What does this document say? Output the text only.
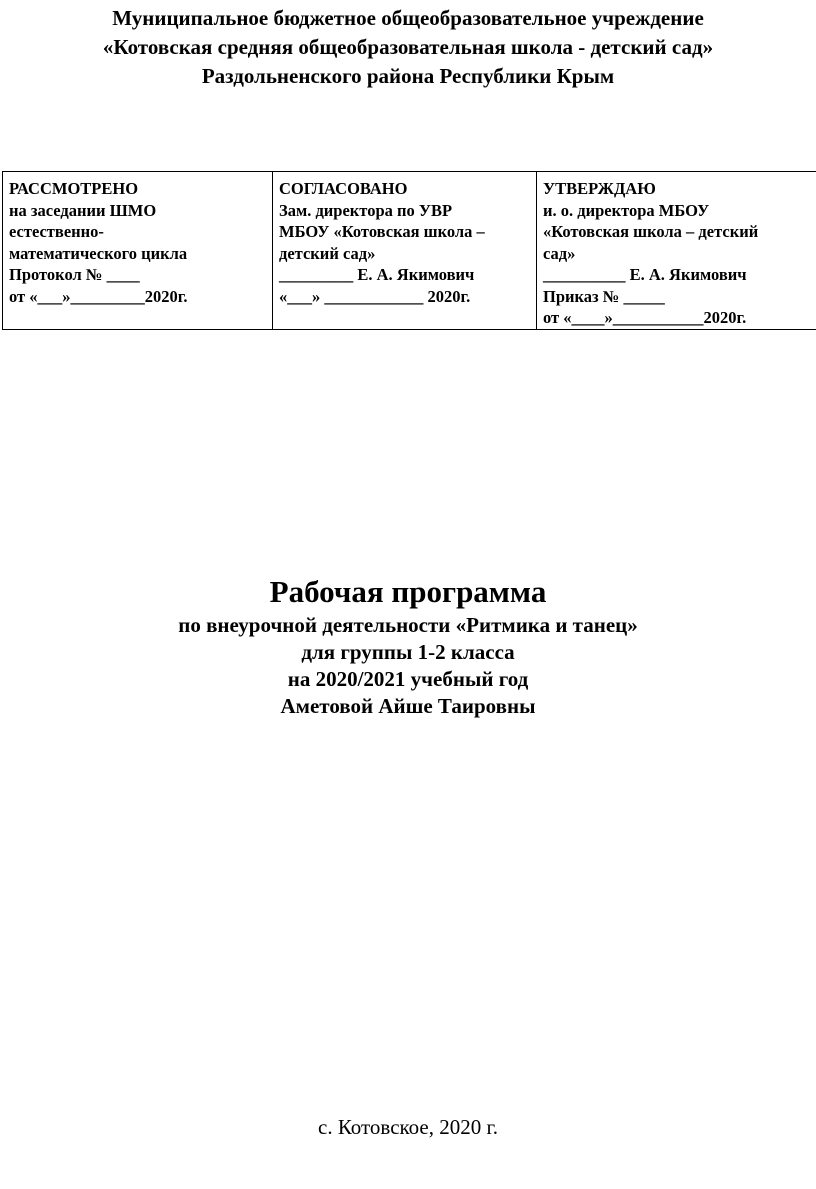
Муниципальное бюджетное общеобразовательное учреждение
«Котовская средняя общеобразовательная школа - детский сад»
Раздольненского района Республики Крым
РАССМОТРЕНО
на заседании ШМО
естественно-
математического цикла
Протокол № ____
от «___»_________2020г.

СОГЛАСОВАНО
Зам. директора по УВР
МБОУ «Котовская школа –
детский сад»
_________ Е. А. Якимович
«___» ____________ 2020г.

УТВЕРЖДАЮ
и. о. директора МБОУ
«Котовская школа – детский
сад»
__________ Е. А. Якимович
Приказ № _____
от «____»___________2020г.
Рабочая программа
по внеурочной деятельности «Ритмика и танец»
для группы 1-2 класса
на 2020/2021 учебный год
Аметовой Айше Таировны
с. Котовское, 2020 г.
